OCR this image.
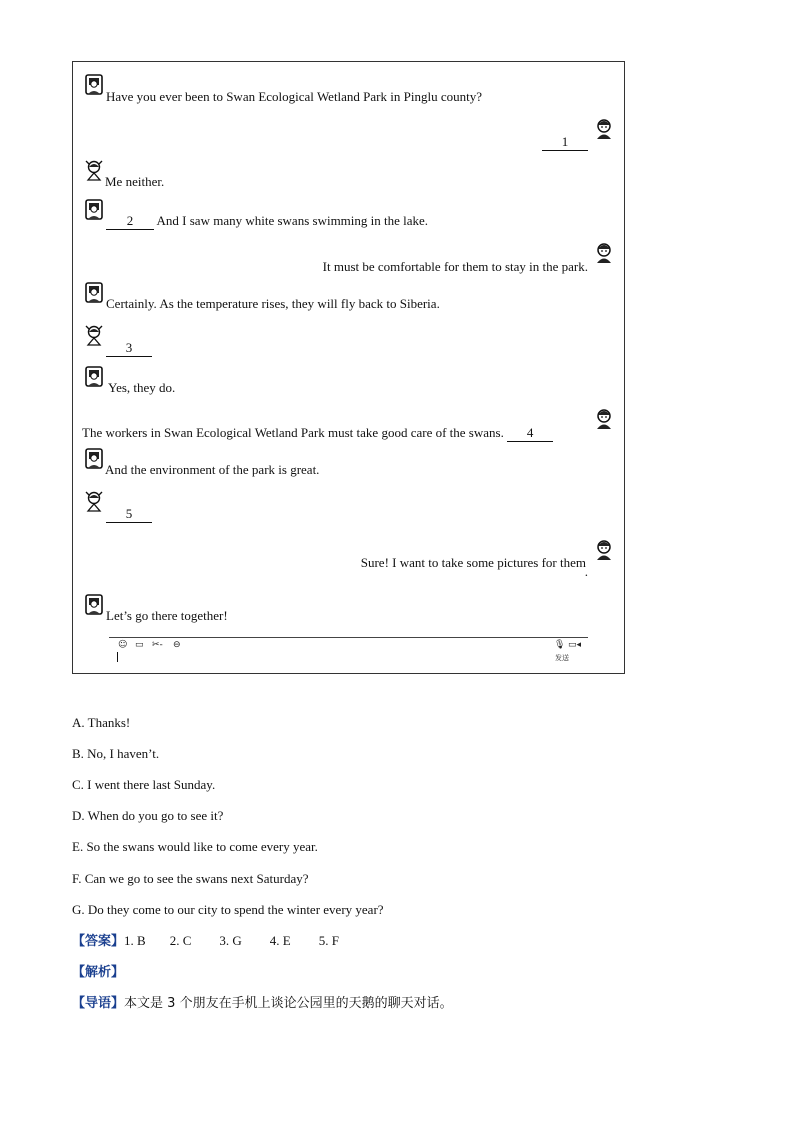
Have you ever been to Swan Ecological Wetland Park in Pinglu county?
1
Me neither.
2 And I saw many white swans swimming in the lake.
It must be comfortable for them to stay in the park.
Certainly. As the temperature rises, they will fly back to Siberia.
3
Yes, they do.
The workers in Swan Ecological Wetland Park must take good care of the swans. 4
And the environment of the park is great.
5
Sure! I want to take some pictures for them
.
Let’s go there together!
☺ ▭ ✂- ⊖	🎙 ▭◂
发送
A. Thanks!
B. No, I haven’t.
C. I went there last Sunday.
D. When do you go to see it?
E. So the swans would like to come every year.
F. Can we go to see the swans next Saturday?
G. Do they come to our city to spend the winter every year?
【答案】1. B 2. C 3. G 4. E 5. F
【解析】
【导语】本文是 3 个朋友在手机上谈论公园里的天鹅的聊天对话。
